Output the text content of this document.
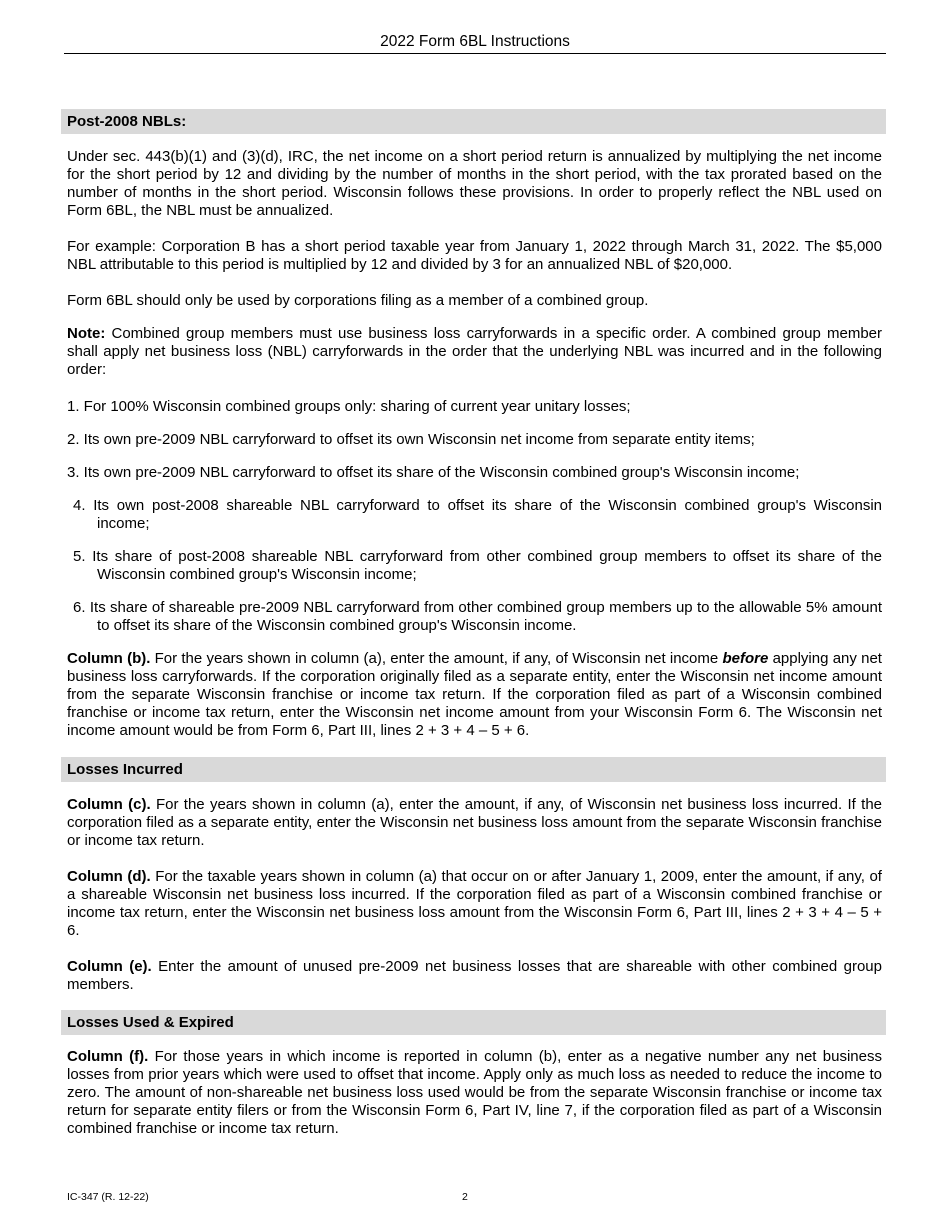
2022 Form 6BL Instructions
Post-2008 NBLs:

Under sec. 443(b)(1) and (3)(d), IRC, the net income on a short period return is annualized by multiplying the net income for the short period by 12 and dividing by the number of months in the short period, with the tax prorated based on the number of months in the short period. Wisconsin follows these provisions. In order to properly reflect the NBL used on Form 6BL, the NBL must be annualized.

For example: Corporation B has a short period taxable year from January 1, 2022 through March 31, 2022. The $5,000 NBL attributable to this period is multiplied by 12 and divided by 3 for an annualized NBL of $20,000.

Form 6BL should only be used by corporations filing as a member of a combined group.

Note: Combined group members must use business loss carryforwards in a specific order. A combined group member shall apply net business loss (NBL) carryforwards in the order that the underlying NBL was incurred and in the following order:

1. For 100% Wisconsin combined groups only: sharing of current year unitary losses;

2. Its own pre-2009 NBL carryforward to offset its own Wisconsin net income from separate entity items;

3. Its own pre-2009 NBL carryforward to offset its share of the Wisconsin combined group's Wisconsin income;

4. Its own post-2008 shareable NBL carryforward to offset its share of the Wisconsin combined group's Wisconsin income;

5. Its share of post-2008 shareable NBL carryforward from other combined group members to offset its share of the Wisconsin combined group's Wisconsin income;

6. Its share of shareable pre-2009 NBL carryforward from other combined group members up to the allowable 5% amount to offset its share of the Wisconsin combined group's Wisconsin income.

Column (b). For the years shown in column (a), enter the amount, if any, of Wisconsin net income before applying any net business loss carryforwards. If the corporation originally filed as a separate entity, enter the Wisconsin net income amount from the separate Wisconsin franchise or income tax return. If the corporation filed as part of a Wisconsin combined franchise or income tax return, enter the Wisconsin net income amount from your Wisconsin Form 6. The Wisconsin net income amount would be from Form 6, Part III, lines 2 + 3 + 4 – 5 + 6.

Losses Incurred

Column (c). For the years shown in column (a), enter the amount, if any, of Wisconsin net business loss incurred. If the corporation filed as a separate entity, enter the Wisconsin net business loss amount from the separate Wisconsin franchise or income tax return.

Column (d). For the taxable years shown in column (a) that occur on or after January 1, 2009, enter the amount, if any, of a shareable Wisconsin net business loss incurred. If the corporation filed as part of a Wisconsin combined franchise or income tax return, enter the Wisconsin net business loss amount from the Wisconsin Form 6, Part III, lines 2 + 3 + 4 – 5 + 6.

Column (e). Enter the amount of unused pre-2009 net business losses that are shareable with other combined group members.

Losses Used & Expired

Column (f). For those years in which income is reported in column (b), enter as a negative number any net business losses from prior years which were used to offset that income. Apply only as much loss as needed to reduce the income to zero. The amount of non-shareable net business loss used would be from the separate Wisconsin franchise or income tax return for separate entity filers or from the Wisconsin Form 6, Part IV, line 7, if the corporation filed as part of a Wisconsin combined franchise or income tax return.

IC-347 (R. 12-22)	2
